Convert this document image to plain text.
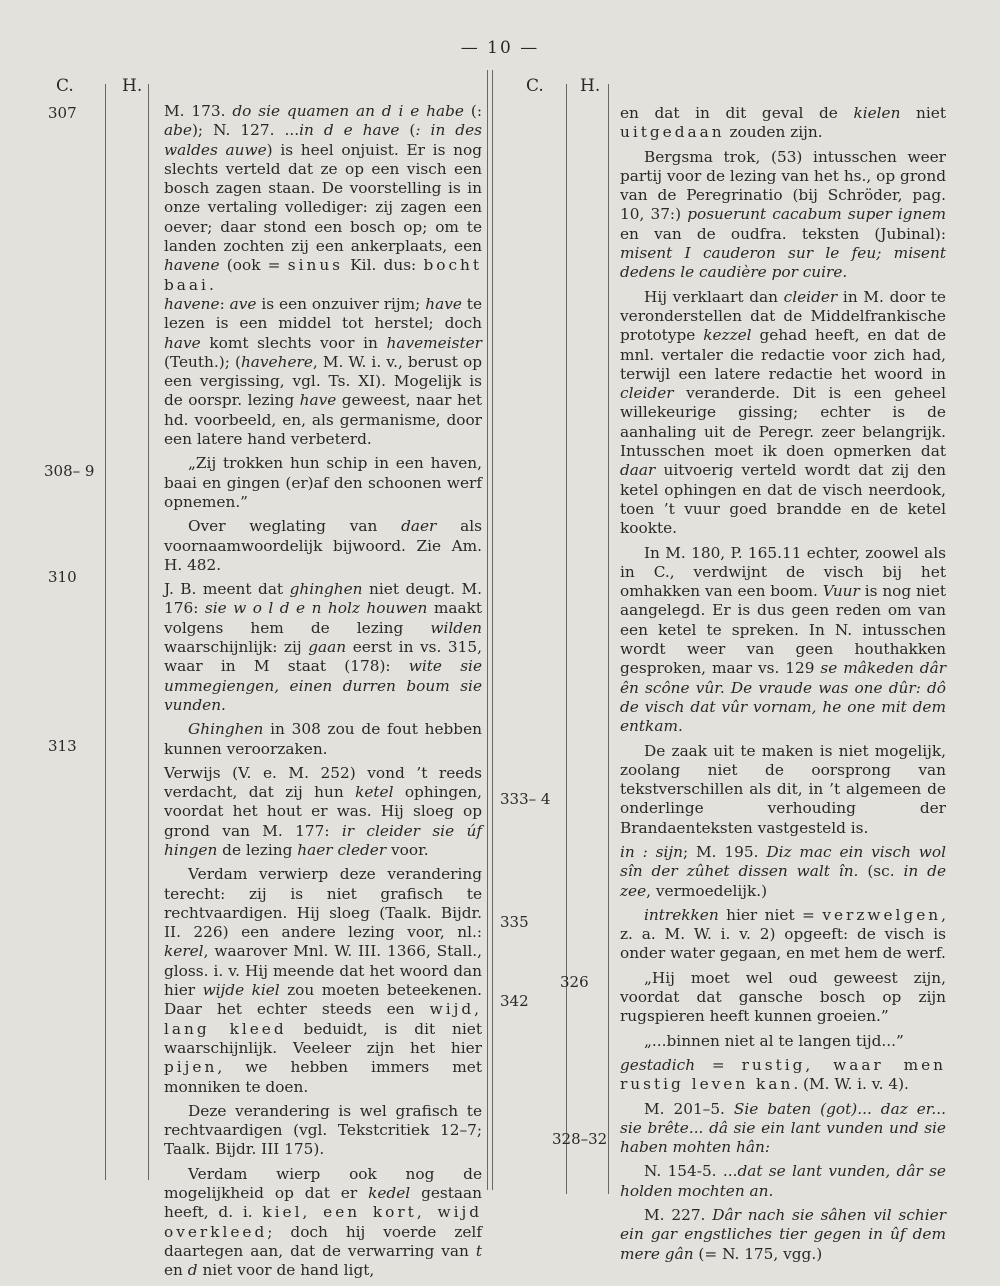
— 10 —
C.	H.
307
308– 9
310
313

M. 173. do sie quamen an d i e habe (: abe); N. 127. ...in d e have (: in des waldes auwe) is heel onjuist. Er is nog slechts verteld dat ze op een visch een bosch zagen staan. De voorstelling is in onze vertaling vollediger: zij zagen een oever; daar stond een bosch op; om te landen zochten zij een ankerplaats, een havene (ook = sinus Kil. dus: bocht baai.
havene: ave is een onzuiver rijm; have te lezen is een middel tot herstel; doch have komt slechts voor in havemeister (Teuth.); (havehere, M. W. i. v., berust op een vergissing, vgl. Ts. XI). Mogelijk is de oorspr. lezing have geweest, naar het hd. voorbeeld, en, als germanisme, door een latere hand verbeterd.

„Zij trokken hun schip in een haven, baai en gingen (er)af den schoonen werf opnemen.”

Over weglating van daer als voornaamwoordelijk bijwoord. Zie Am. H. 482.

J. B. meent dat ghinghen niet deugt. M. 176: sie w o l d e n holz houwen maakt volgens hem de lezing wilden waarschijnlijk: zij gaan eerst in vs. 315, waar in M staat (178): wite sie ummegiengen, einen durren boum sie vunden.

Ghinghen in 308 zou de fout hebben kunnen veroorzaken.

Verwijs (V. e. M. 252) vond ’t reeds verdacht, dat zij hun ketel ophingen, voordat het hout er was. Hij sloeg op grond van M. 177: ir cleider sie úf hingen de lezing haer cleder voor.

Verdam verwierp deze verandering terecht: zij is niet grafisch te rechtvaardigen. Hij sloeg (Taalk. Bijdr. II. 226) een andere lezing voor, nl.: kerel, waarover Mnl. W. III. 1366, Stall., gloss. i. v. Hij meende dat het woord dan hier wijde kiel zou moeten beteekenen. Daar het echter steeds een wijd, lang kleed beduidt, is dit niet waarschijnlijk. Veeleer zijn het hier pijen, we hebben immers met monniken te doen.

Deze verandering is wel grafisch te rechtvaardigen (vgl. Tekstcritiek 12–7; Taalk. Bijdr. III 175).

Verdam wierp ook nog de mogelijkheid op dat er kedel gestaan heeft, d. i. kiel, een kort, wijd overkleed; doch hij voerde zelf daartegen aan, dat de verwarring van t en d niet voor de hand ligt,

C. H.
333– 4
335
326
342
328–32

en dat in dit geval de kielen niet uitgedaan zouden zijn.

Bergsma trok, (53) intusschen weer partij voor de lezing van het hs., op grond van de Peregrinatio (bij Schröder, pag. 10, 37:) posuerunt cacabum super ignem en van de oudfra. teksten (Jubinal): misent I cauderon sur le feu; misent dedens le caudière por cuire.

Hij verklaart dan cleider in M. door te veronderstellen dat de Middelfrankische prototype kezzel gehad heeft, en dat de mnl. vertaler die redactie voor zich had, terwijl een latere redactie het woord in cleider veranderde. Dit is een geheel willekeurige gissing; echter is de aanhaling uit de Peregr. zeer belangrijk. Intusschen moet ik doen opmerken dat daar uitvoerig verteld wordt dat zij den ketel ophingen en dat de visch neerdook, toen ’t vuur goed brandde en de ketel kookte.

In M. 180, P. 165.11 echter, zoowel als in C., verdwijnt de visch bij het omhakken van een boom. Vuur is nog niet aangelegd. Er is dus geen reden om van een ketel te spreken. In N. intusschen wordt weer van geen houthakken gesproken, maar vs. 129 se mâkeden dâr ên scône vûr. De vraude was one dûr: dô de visch dat vûr vornam, he one mit dem entkam.

De zaak uit te maken is niet mogelijk, zoolang niet de oorsprong van tekstverschillen als dit, in ’t algemeen de onderlinge verhouding der Brandaenteksten vastgesteld is.

in : sijn; M. 195. Diz mac ein visch wol sîn der zûhet dissen walt în. (sc. in de zee, vermoedelijk.)

intrekken hier niet = verzwelgen, z. a. M. W. i. v. 2) opgeeft: de visch is onder water gegaan, en met hem de werf.

„Hij moet wel oud geweest zijn, voordat dat gansche bosch op zijn rugspieren heeft kunnen groeien.”

„...binnen niet al te langen tijd...”

gestadich = rustig, waar men rustig leven kan. (M. W. i. v. 4).

M. 201–5. Sie baten (got)... daz er... sie brête... dâ sie ein lant vunden und sie haben mohten hân:

N. 154-5. ...dat se lant vunden, dâr se holden mochten an.

M. 227. Dâr nach sie sâhen vil schier ein gar engstliches tier gegen in ûf dem mere gân (= N. 175, vgg.)
